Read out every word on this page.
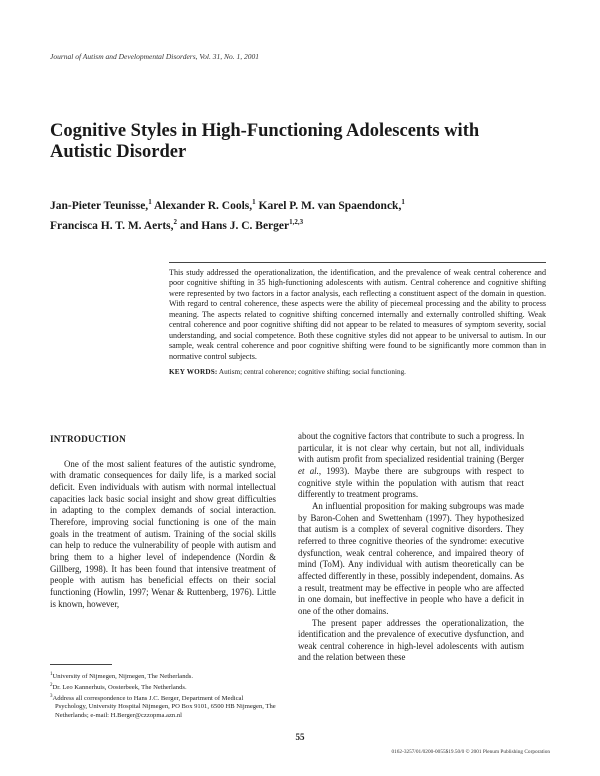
Journal of Autism and Developmental Disorders, Vol. 31, No. 1, 2001
Cognitive Styles in High-Functioning Adolescents with
Autistic Disorder

Jan-Pieter Teunisse,$^1$ Alexander R. Cools,$^1$ Karel P. M. van Spaendonck,$^1$
Francisca H. T. M. Aerts,$^2$ and Hans J. C. Berger$^{1,2,3}$

This study addressed the operationalization, the identification, and the prevalence of weak central coherence and poor cognitive shifting in 35 high-functioning adolescents with autism. Central coherence and cognitive shifting were represented by two factors in a factor analysis, each reflecting a constituent aspect of the domain in question. With regard to central coherence, these aspects were the ability of piecemeal processing and the ability to process meaning. The aspects related to cognitive shifting concerned internally and externally controlled shifting. Weak central coherence and poor cognitive shifting did not appear to be related to measures of symptom severity, social understanding, and social competence. Both these cognitive styles did not appear to be universal to autism. In our sample, weak central coherence and poor cognitive shifting were found to be significantly more common than in normative control subjects.

KEY WORDS: Autism; central coherence; cognitive shifting; social functioning.

INTRODUCTION

One of the most salient features of the autistic syndrome, with dramatic consequences for daily life, is a marked social deficit. Even individuals with autism with normal intellectual capacities lack basic social insight and show great difficulties in adapting to the complex demands of social interaction. Therefore, improving social functioning is one of the main goals in the treatment of autism. Training of the social skills can help to reduce the vulnerability of people with autism and bring them to a higher level of independence (Nordin & Gillberg, 1998). It has been found that intensive treatment of people with autism has beneficial effects on their social functioning (Howlin, 1997; Wenar & Ruttenberg, 1976). Little is known, however,

about the cognitive factors that contribute to such a progress. In particular, it is not clear why certain, but not all, individuals with autism profit from specialized residential training (Berger et al., 1993). Maybe there are subgroups with respect to cognitive style within the population with autism that react differently to treatment programs.

An influential proposition for making subgroups was made by Baron-Cohen and Swettenham (1997). They hypothesized that autism is a complex of several cognitive disorders. They referred to three cognitive theories of the syndrome: executive dysfunction, weak central coherence, and impaired theory of mind (ToM). Any individual with autism theoretically can be affected differently in these, possibly independent, domains. As a result, treatment may be effective in people who are affected in one domain, but ineffective in people who have a deficit in one of the other domains.

The present paper addresses the operationalization, the identification and the prevalence of executive dysfunction, and weak central coherence in high-level adolescents with autism and the relation between these

$^1$University of Nijmegen, Nijmegen, The Netherlands.
$^2$Dr. Leo Kannerhuis, Oosterbeek, The Netherlands.
$^3$Address all correspondence to Hans J.C. Berger, Department of Medical Psychology, University Hospital Nijmegen, PO Box 9101, 6500 HB Nijmegen, The Netherlands; e-mail: H.Berger@czzopma.azn.nl
55
0162-3257/01/0200-0055$19.50/0 © 2001 Plenum Publishing Corporation
